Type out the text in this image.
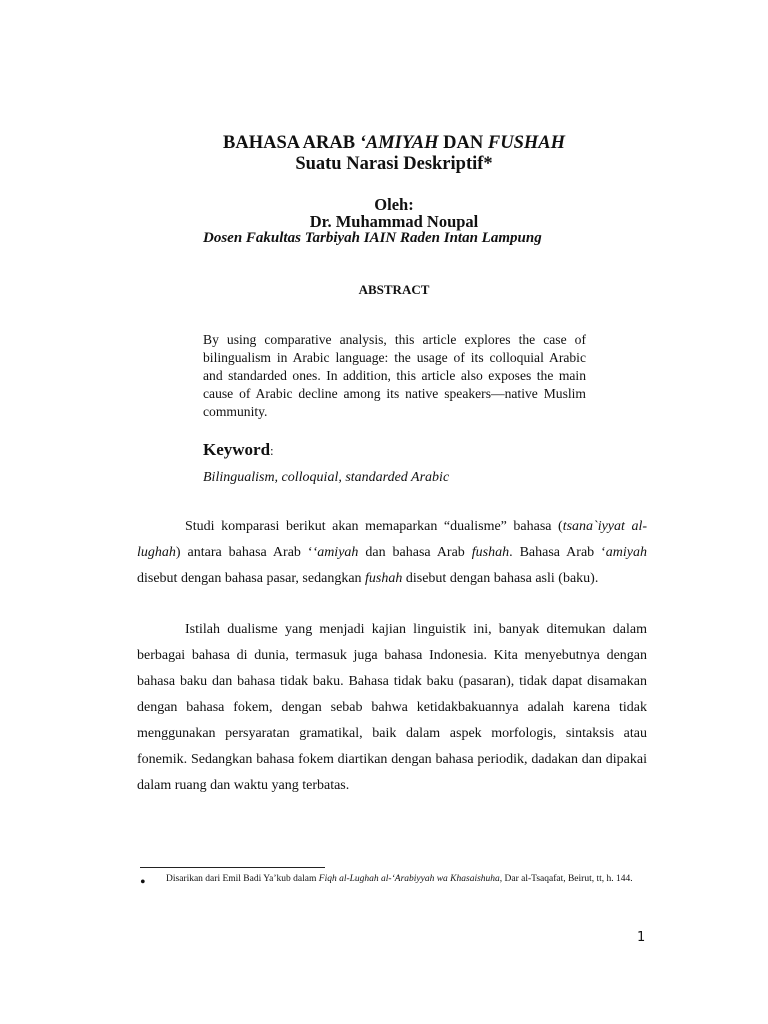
BAHASA ARAB ‘AMIYAH DAN FUSHAH
Suatu Narasi Deskriptif*
Oleh:
Dr. Muhammad Noupal
Dosen Fakultas Tarbiyah IAIN Raden Intan Lampung
ABSTRACT
By using comparative analysis, this article explores the case of bilingualism in Arabic language: the usage of its colloquial Arabic and standarded ones. In addition, this article also exposes the main cause of Arabic decline among its native speakers—native Muslim community.
Keyword:
Bilingualism, colloquial, standarded Arabic
Studi komparasi berikut akan memaparkan “dualisme” bahasa (tsana`iyyat al-lughah) antara bahasa Arab ‘‘amiyah dan bahasa Arab fushah. Bahasa Arab ‘amiyah disebut dengan bahasa pasar, sedangkan fushah disebut dengan bahasa asli (baku).
Istilah dualisme yang menjadi kajian linguistik ini, banyak ditemukan dalam berbagai bahasa di dunia, termasuk juga bahasa Indonesia. Kita menyebutnya dengan bahasa baku dan bahasa tidak baku. Bahasa tidak baku (pasaran), tidak dapat disamakan dengan bahasa fokem, dengan sebab bahwa ketidakbakuannya adalah karena tidak menggunakan persyaratan gramatikal, baik dalam aspek morfologis, sintaksis atau fonemik. Sedangkan bahasa fokem diartikan dengan bahasa periodik, dadakan dan dipakai dalam ruang dan waktu yang terbatas.
• Disarikan dari Emil Badi Ya’kub dalam Fiqh al-Lughah al-‘Arabiyyah wa Khasaishuha, Dar al-Tsaqafat, Beirut, tt, h. 144.
1
